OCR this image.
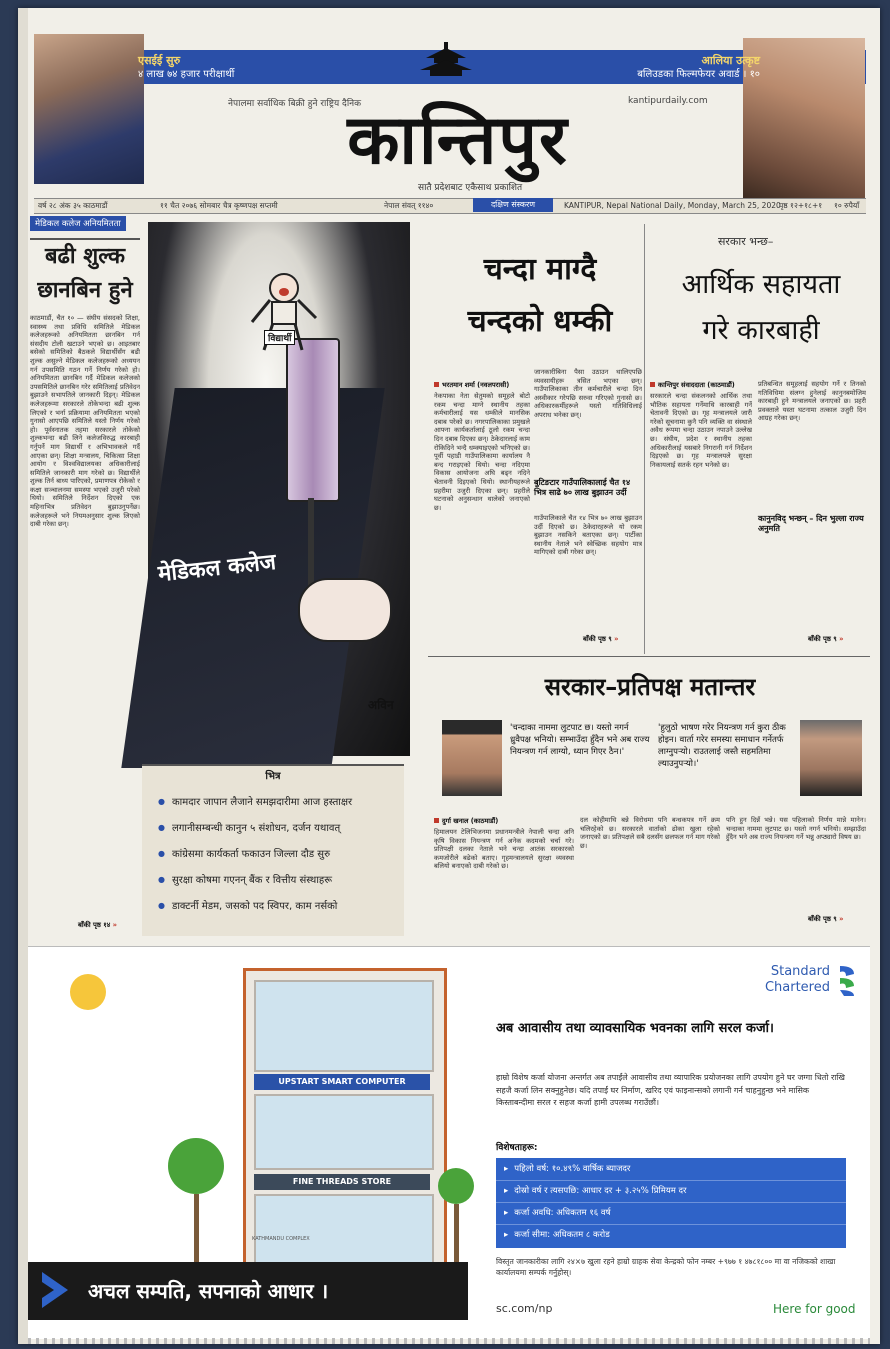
एसईई सुरु
४ लाख ७४ हजार परीक्षार्थी
आलिया उत्कृष्ट
बलिउडका फिल्मफेयर अवार्ड । १०
नेपालमा सर्वाधिक बिक्री हुने राष्ट्रिय दैनिक	kantipurdaily.com
कान्तिपुर
सातै प्रदेशबाट एकैसाथ प्रकाशित
वर्ष २८ अंक ३५ काठमाडौं	११ चैत २०७६ सोमबार चैत्र कृष्णपक्ष सप्तमी	नेपाल संवत् ११४०	KANTIPUR, Nepal National Daily, Monday, March 25, 2020
पृष्ठ १२+१८+१ १० रुपैयाँ
दक्षिण संस्करण
मेडिकल कलेज अनियमितता
बढी शुल्क छानबिन हुने
काठमाडौं, चैत १० — संघीय संसदको शिक्षा, स्वास्थ्य तथा प्रविधि समितिले मेडिकल कलेजहरूको अनियमितता छानबिन गर्न संसदीय टोली खटाउने भएको छ। आइतबार बसेको समितिको बैठकले विद्यार्थीसँग बढी शुल्क असुल्ने मेडिकल कलेजहरूको अध्ययन गर्न उपसमिति गठन गर्ने निर्णय गरेको हो। अनियमितता छानबिन गर्दै मेडिकल कलेजको उपसमितिले छानबिन गरेर समितिलाई प्रतिवेदन बुझाउने सभापतिले जानकारी दिइन्। मेडिकल कलेजहरूमा सरकारले तोकेभन्दा बढी शुल्क लिएको र भर्ना प्रक्रियामा अनियमितता भएको गुनासो आएपछि समितिले यस्तो निर्णय गरेको हो। पूर्वस्नातक तहमा सरकारले तोकेको शुल्कभन्दा बढी लिने कलेजविरुद्ध कारबाही गर्नुपर्ने माग विद्यार्थी र अभिभावकले गर्दै आएका छन्। शिक्षा मन्त्रालय, चिकित्सा शिक्षा आयोग र विश्वविद्यालयका अधिकारीलाई समितिले जानकारी माग गरेको छ। विद्यार्थीले शुल्क तिर्न बाध्य पारिएको, प्रमाणपत्र रोकेको र कक्षा सञ्चालनमा समस्या भएको उजुरी परेको थियो। समितिले निर्देशन दिएको एक महिनाभित्र प्रतिवेदन बुझाउनुपर्नेछ। कलेजहरूले भने नियमअनुसार शुल्क लिएको दाबी गरेका छन्।
बाँकी पृष्ठ १४ »
विद्यार्थी
मेडिकल कलेज
अविन
भित्र
● कामदार जापान लैजाने समझदारीमा आज हस्ताक्षर
● लगानीसम्बन्धी कानुन ५ संशोधन, दर्जन यथावत्
● कांग्रेसमा कार्यकर्ता फकाउन जिल्ला दौड सुरु
● सुरक्षा कोषमा गएनन् बैंक र वित्तीय संस्थाहरू
● डाक्टर्नी मेडम, जसको पद स्विपर, काम नर्सको
चन्दा माग्दै
चन्दको धम्की
भरतमान शर्मा (नवलपरासी)
नेकपाका नेता सेतुमको समूहले बोटो रकम चन्दा माग्ने स्थानीय तहका कर्मचारीलाई यस धम्कीले मानसिक दबाब परेको छ। नगरपालिकाका प्रमुखले आफ्ना कार्यकर्तालाई ठूलो रकम चन्दा दिन दबाब दिएका छन्। ठेकेदारलाई काम रोकिदिने भन्दै धम्क्याइएको भनिएको छ। पूर्वी पहाडी गाउँपालिकामा कार्यालय नै बन्द गराइएको थियो। चन्दा नदिएमा विकास आयोजना अघि बढ्न नदिने चेतावनी दिइएको थियो। स्थानीयहरूले प्रहरीमा उजुरी दिएका छन्। प्रहरीले घटनाको अनुसन्धान थालेको जनाएको छ।
जानकारीबिना पैसा उठाउन थालिएपछि व्यवसायीहरू त्रसित भएका छन्। गाउँपालिकाका तीन कर्मचारीले चन्दा दिन अस्वीकार गरेपछि सरुवा गरिएको गुनासो छ। अधिकारकर्मीहरूले यस्तो गतिविधिलाई अपराध भनेका छन्।
बुटिङटार गाउँपालिकालाई चैत १४ भित्र साढे ७० लाख बुझाउन उर्दी
गाउँपालिकाले चैत १४ भित्र ७० लाख बुझाउन उर्दी दिएको छ। ठेकेदारहरूले यो रकम बुझाउन नसकिने बताएका छन्। पार्टीका स्थानीय नेताले भने स्वेच्छिक सहयोग मात्र मागिएको दाबी गरेका छन्।
बाँकी पृष्ठ ९ »
सरकार भन्छ–
आर्थिक सहायता
गरे कारबाही
कान्तिपुर संवाददाता (काठमाडौं)
सरकारले चन्दा संकलनको आर्थिक तथा भौतिक सहायता गर्नेमाथि कारबाही गर्ने चेतावनी दिएको छ। गृह मन्त्रालयले जारी गरेको सूचनामा कुनै पनि व्यक्ति वा संस्थाले अवैध रूपमा चन्दा उठाउन नपाउने उल्लेख छ। संघीय, प्रदेश र स्थानीय तहका अधिकारीलाई यसबारे निगरानी गर्न निर्देशन दिइएको छ। गृह मन्त्रालयले सुरक्षा निकायलाई सतर्क रहन भनेको छ।
प्रतिबन्धित समूहलाई सहयोग गर्ने र तिनको गतिविधिमा संलग्न हुनेलाई कानुनबमोजिम कारबाही हुने मन्त्रालयले जनाएको छ। प्रहरी प्रवक्ताले यस्ता घटनामा तत्काल उजुरी दिन आग्रह गरेका छन्।
कानुनविद् भन्छन् – दिन भुल्ला राज्य अनुमति
बाँकी पृष्ठ ९ »
सरकार–प्रतिपक्ष मतान्तर
'चन्दाका नाममा लुटपाट छ। यस्तो नगर्न ध्रुवैपक्ष भनियो। सम्भाउँदा हुँदैन भने अब राज्य नियन्त्रण गर्न लाग्यो, ध्यान गिएर ठैन।'
'हुलुठो भाषण गरेर नियन्त्रण गर्न कुरा ठीक होइन। वार्ता गरेर समस्या समाधान गर्नेतर्फ लाग्नुपर्‍यो। राउतलाई जस्तै सहमतिमा ल्याउनुपर्‍यो।'
दुर्गा खनाल (काठमाडौं)
हिमालयन टेलिभिजनमा प्रधानमन्त्रीले नेपाली चन्दा अनि कृषि विकास नियन्त्रण गर्न अनेक कदमको चर्चा गरे। प्रतिपक्षी दलका नेताले भने चन्दा आतंक सरकारको कमजोरीले बढेको बताए। गृहमन्त्रालयले सुरक्षा व्यवस्था बलियो बनाएको दाबी गरेको छ।
दल कोहीमाथि बन्ने विरोधमा पनि बन्धकपत्र गर्ने क्रम चलिरहेको छ। सरकारले वार्ताको ढोका खुला रहेको जनाएको छ। प्रतिपक्षले सबै दलसँग छलफल गर्न माग गरेको छ।
पनि हुन दिन्नँ भन्ने। यस पहिलाको निर्णय मान्ने मानेन। चन्दाका नाममा लुटपाट छ। यस्तो नगर्न भनियो। सम्झाउँदा हुँदैन भने अब राज्य नियन्त्रण गर्ने भन्नु अप्ठ्यारो विषय छ।
बाँकी पृष्ठ ९ »
UPSTART SMART COMPUTER
FINE THREADS STORE
KATHMANDU COMPLEX
अचल सम्पति, सपनाको आधार ।
Standard Chartered
अब आवासीय तथा व्यावसायिक भवनका लागि सरल कर्जा।
हाम्रो विशेष कर्जा योजना अन्तर्गत अब तपाईंले आवासीय तथा व्यापारिक प्रयोजनका लागि उपयोग हुने घर जग्गा धितो राखि सहजै कर्जा लिन सक्नुहुनेछ। यदि तपाईं घर निर्माण, खरिद एवं फाइनान्सको लगानी गर्न चाहनुहुन्छ भने मासिक किस्ताबन्दीमा सरल र सहज कर्जा हामी उपलब्ध गराउँछौं।
विशेषताहरू:
▸ पहिलो वर्ष: १०.४९% वार्षिक ब्याजदर
▸ दोस्रो वर्ष र त्यसपछि: आधार दर + ३.२५% प्रिमियम दर
▸ कर्जा अवधि: अधिकतम १६ वर्ष
▸ कर्जा सीमा: अधिकतम ८ करोड
विस्तृत जानकारीका लागि २४×७ खुला रहने हाम्रो ग्राहक सेवा केन्द्रको फोन नम्बर +९७७ १ ४७८१८०० मा वा नजिकको शाखा कार्यालयमा सम्पर्क गर्नुहोस्।
sc.com/np	Here for good
